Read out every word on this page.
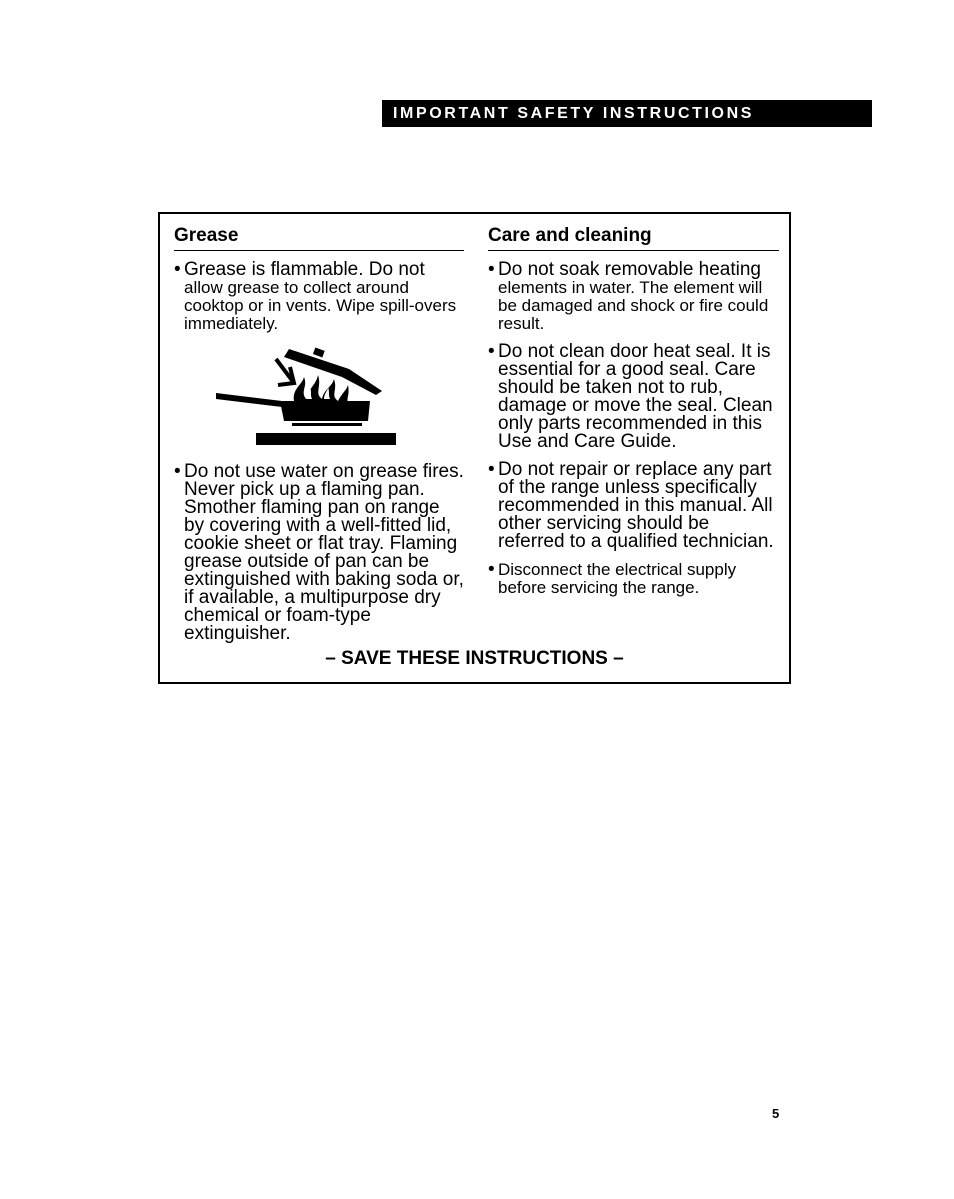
IMPORTANT SAFETY INSTRUCTIONS
Grease
• Grease is flammable. Do not allow grease to collect around cooktop or in vents. Wipe spill-overs immediately.
• Do not use water on grease fires. Never pick up a flaming pan. Smother flaming pan on range by covering with a well-fitted lid, cookie sheet or flat tray. Flaming grease outside of pan can be extinguished with baking soda or, if available, a multipurpose dry chemical or foam-type extinguisher.
Care and cleaning
• Do not soak removable heating elements in water. The element will be damaged and shock or fire could result.
• Do not clean door heat seal. It is essential for a good seal. Care should be taken not to rub, damage or move the seal. Clean only parts recommended in this Use and Care Guide.
• Do not repair or replace any part of the range unless specifically recommended in this manual. All other servicing should be referred to a qualified technician.
• Disconnect the electrical supply before servicing the range.
– SAVE THESE INSTRUCTIONS –
5
